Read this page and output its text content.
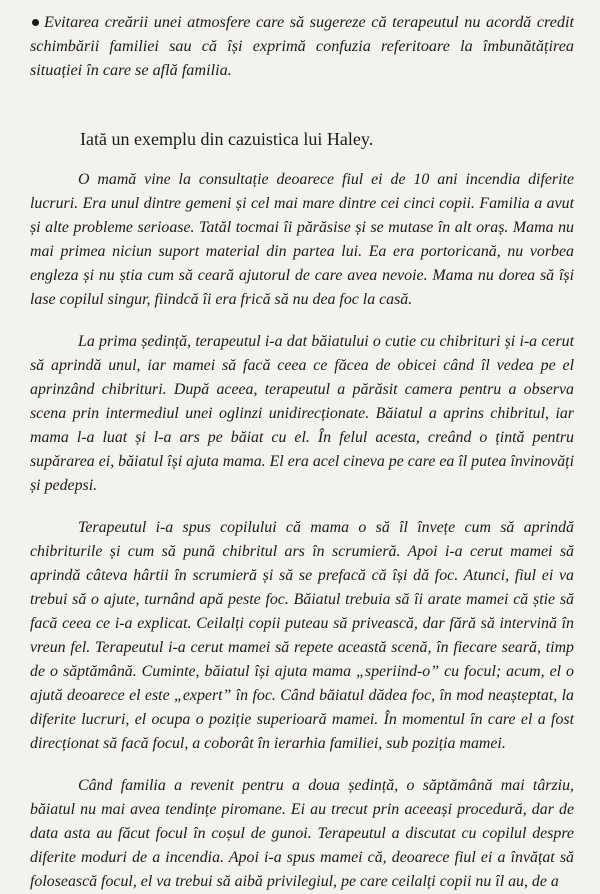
Evitarea creării unei atmosfere care să sugereze că terapeutul nu acordă credit schimbării familiei sau că își exprimă confuzia referitoare la îmbunătățirea situației în care se află familia.
Iată un exemplu din cazuistica lui Haley.

O mamă vine la consultație deoarece fiul ei de 10 ani incendia diferite lucruri. Era unul dintre gemeni și cel mai mare dintre cei cinci copii. Familia a avut și alte probleme serioase. Tatăl tocmai îi părăsise și se mutase în alt oraș. Mama nu mai primea niciun suport material din partea lui. Ea era portoricană, nu vorbea engleza și nu știa cum să ceară ajutorul de care avea nevoie. Mama nu dorea să își lase copilul singur, fiindcă îi era frică să nu dea foc la casă.

La prima ședință, terapeutul i-a dat băiatului o cutie cu chibrituri și i-a cerut să aprindă unul, iar mamei să facă ceea ce făcea de obicei când îl vedea pe el aprinzând chibrituri. După aceea, terapeutul a părăsit camera pentru a observa scena prin intermediul unei oglinzi unidirecționate. Băiatul a aprins chibritul, iar mama l-a luat și l-a ars pe băiat cu el. În felul acesta, creând o țintă pentru supărarea ei, băiatul își ajuta mama. El era acel cineva pe care ea îl putea învinovăți și pedepsi.

Terapeutul i-a spus copilului că mama o să îl învețe cum să aprindă chibriturile și cum să pună chibritul ars în scrumieră. Apoi i-a cerut mamei să aprindă câteva hârtii în scrumieră și să se prefacă că își dă foc. Atunci, fiul ei va trebui să o ajute, turnând apă peste foc. Băiatul trebuia să îi arate mamei că știe să facă ceea ce i-a explicat. Ceilalți copii puteau să privească, dar fără să intervină în vreun fel. Terapeutul i-a cerut mamei să repete această scenă, în fiecare seară, timp de o săptămână. Cuminte, băiatul își ajuta mama „speriind-o” cu focul; acum, el o ajută deoarece el este „expert” în foc. Când băiatul dădea foc, în mod neașteptat, la diferite lucruri, el ocupa o poziție superioară mamei. În momentul în care el a fost direcționat să facă focul, a coborât în ierarhia familiei, sub poziția mamei.

Când familia a revenit pentru a doua ședință, o săptămână mai târziu, băiatul nu mai avea tendințe piromane. Ei au trecut prin aceeași procedură, dar de data asta au făcut focul în coșul de gunoi. Terapeutul a discutat cu copilul despre diferite moduri de a incendia. Apoi i-a spus mamei că, deoarece fiul ei a învățat să folosească focul, el va trebui să aibă privilegiul, pe care ceilalți copii nu îl au, de a
